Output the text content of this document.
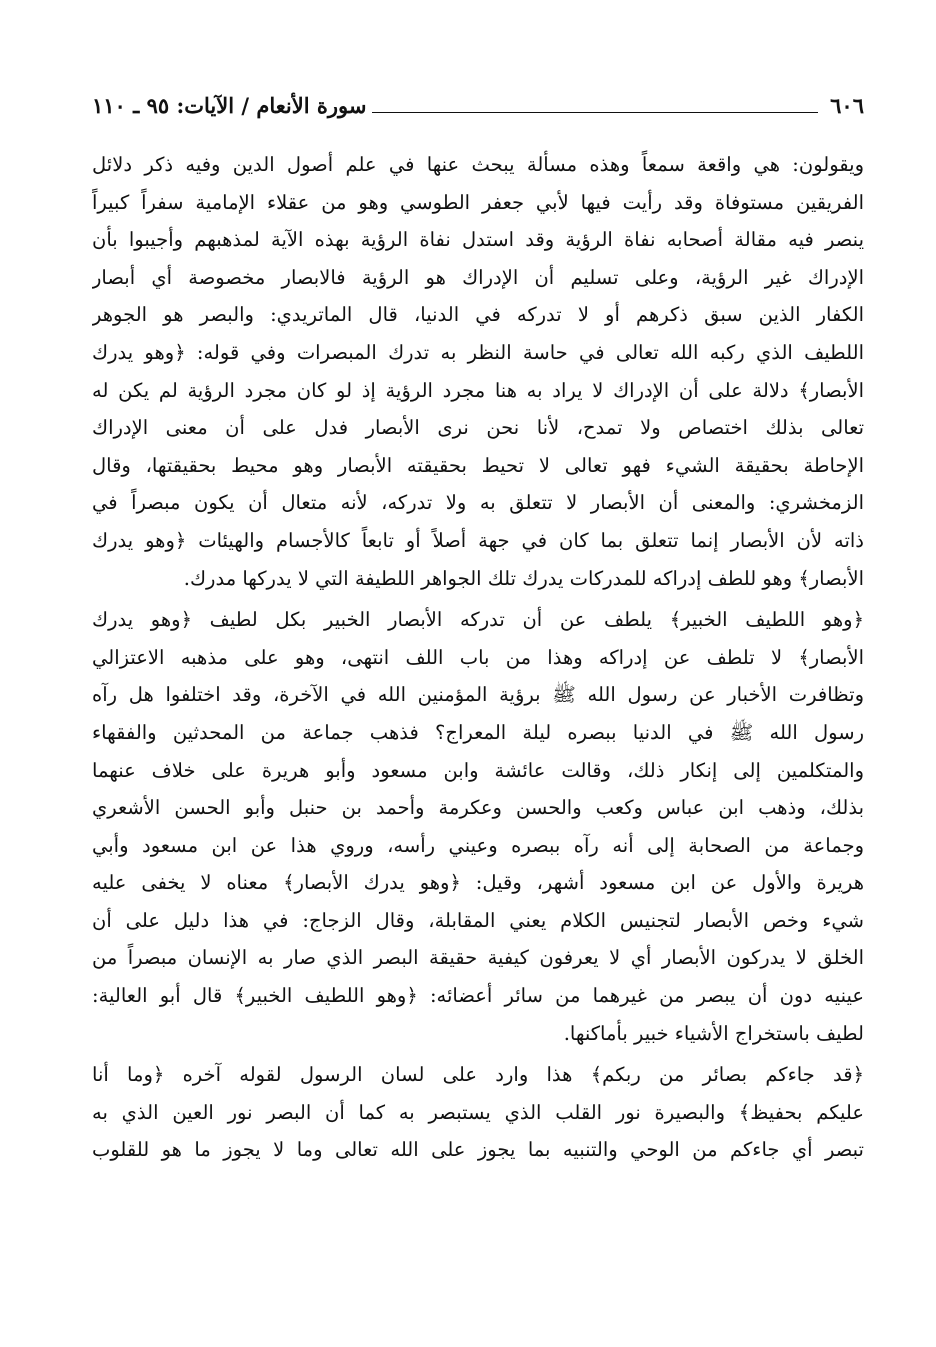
٦٠٦
سورة الأنعام / الآيات: ٩٥ ـ ١١٠
ويقولون: هي واقعة سمعاً وهذه مسألة يبحث عنها في علم أصول الدين وفيه ذكر دلائل
الفريقين مستوفاة وقد رأيت فيها لأبي جعفر الطوسي وهو من عقلاء الإمامية سفراً كبيراً
ينصر فيه مقالة أصحابه نفاة الرؤية وقد استدل نفاة الرؤية بهذه الآية لمذهبهم وأجيبوا بأن
الإدراك غير الرؤية، وعلى تسليم أن الإدراك هو الرؤية فالابصار مخصوصة أي أبصار
الكفار الذين سبق ذكرهم أو لا تدركه في الدنيا، قال الماتريدي: والبصر هو الجوهر
اللطيف الذي ركبه الله تعالى في حاسة النظر به تدرك المبصرات وفي قوله: ﴿وهو يدرك
الأبصار﴾ دلالة على أن الإدراك لا يراد به هنا مجرد الرؤية إذ لو كان مجرد الرؤية لم يكن له
تعالى بذلك اختصاص ولا تمدح، لأنا نحن نرى الأبصار فدل على أن معنى الإدراك
الإحاطة بحقيقة الشيء فهو تعالى لا تحيط بحقيقته الأبصار وهو محيط بحقيقتها، وقال
الزمخشري: والمعنى أن الأبصار لا تتعلق به ولا تدركه، لأنه متعال أن يكون مبصراً في
ذاته لأن الأبصار إنما تتعلق بما كان في جهة أصلاً أو تابعاً كالأجسام والهيئات ﴿وهو يدرك
الأبصار﴾ وهو للطف إدراكه للمدركات يدرك تلك الجواهر اللطيفة التي لا يدركها مدرك.
﴿وهو اللطيف الخبير﴾ يلطف عن أن تدركه الأبصار الخبير بكل لطيف ﴿وهو يدرك
الأبصار﴾ لا تلطف عن إدراكه وهذا من باب اللف انتهى، وهو على مذهبه الاعتزالي
وتظافرت الأخبار عن رسول الله ﷺ برؤية المؤمنين الله في الآخرة، وقد اختلفوا هل رآه
رسول الله ﷺ في الدنيا ببصره ليلة المعراج؟ فذهب جماعة من المحدثين والفقهاء
والمتكلمين إلى إنكار ذلك، وقالت عائشة وابن مسعود وأبو هريرة على خلاف عنهما
بذلك، وذهب ابن عباس وكعب والحسن وعكرمة وأحمد بن حنبل وأبو الحسن الأشعري
وجماعة من الصحابة إلى أنه رآه ببصره وعيني رأسه، وروي هذا عن ابن مسعود وأبي
هريرة والأول عن ابن مسعود أشهر، وقيل: ﴿وهو يدرك الأبصار﴾ معناه لا يخفى عليه
شيء وخص الأبصار لتجنيس الكلام يعني المقابلة، وقال الزجاج: في هذا دليل على أن
الخلق لا يدركون الأبصار أي لا يعرفون كيفية حقيقة البصر الذي صار به الإنسان مبصراً من
عينيه دون أن يبصر من غيرهما من سائر أعضائه: ﴿وهو اللطيف الخبير﴾ قال أبو العالية:
لطيف باستخراج الأشياء خبير بأماكنها.
﴿قد جاءكم بصائر من ربكم﴾ هذا وارد على لسان الرسول لقوله آخره ﴿وما أنا
عليكم بحفيظ﴾ والبصيرة نور القلب الذي يستبصر به كما أن البصر نور العين الذي به
تبصر أي جاءكم من الوحي والتنبيه بما يجوز على الله تعالى وما لا يجوز ما هو للقلوب
